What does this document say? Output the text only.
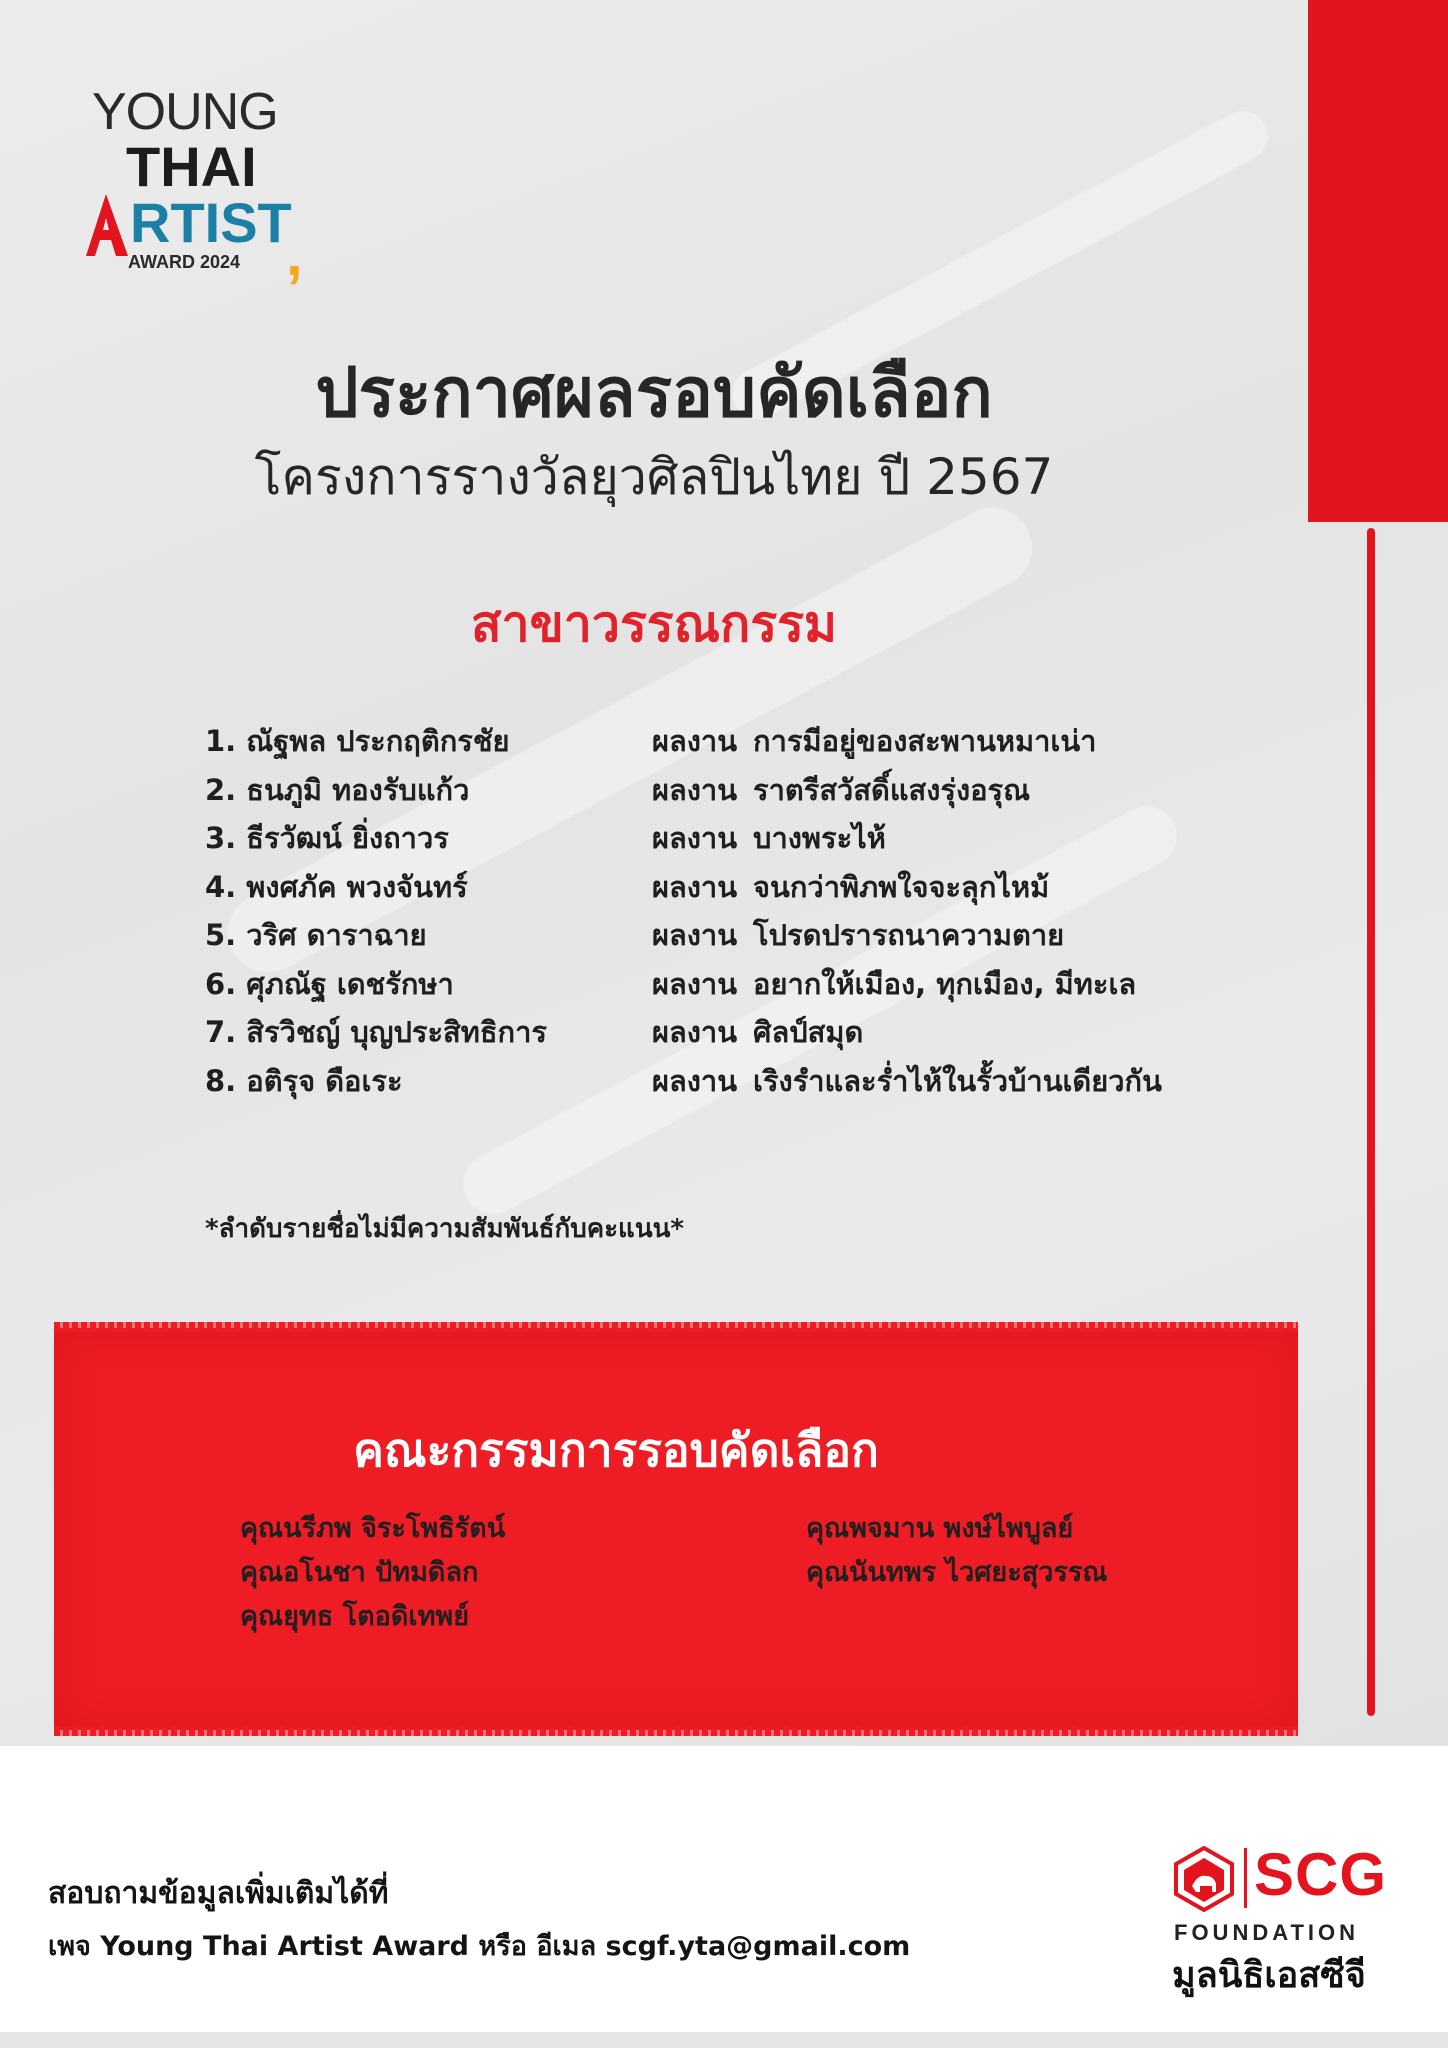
YOUNG
THAI
RTIST
,
AWARD 2024
ประกาศผลรอบคัดเลือก
โครงการรางวัลยุวศิลปินไทย ปี 2567
สาขาวรรณกรรม
1. ณัฐพล ประกฤติกรชัย	ผลงาน การมีอยู่ของสะพานหมาเน่า
2. ธนภูมิ ทองรับแก้ว	ผลงาน ราตรีสวัสดิ์แสงรุ่งอรุณ
3. ธีรวัฒน์ ยิ่งถาวร	ผลงาน บางพระไห้
4. พงศภัค พวงจันทร์	ผลงาน จนกว่าพิภพใจจะลุกไหม้
5. วริศ ดาราฉาย	ผลงาน โปรดปรารถนาความตาย
6. ศุภณัฐ เดชรักษา	ผลงาน อยากให้เมือง, ทุกเมือง, มีทะเล
7. สิรวิชญ์ บุญประสิทธิการ	ผลงาน ศิลป์สมุด
8. อติรุจ ดือเระ	ผลงาน เริงรำและร่ำไห้ในรั้วบ้านเดียวกัน
*ลำดับรายชื่อไม่มีความสัมพันธ์กับคะแนน*
คณะกรรมการรอบคัดเลือก
คุณนรีภพ จิระโพธิรัตน์
คุณอโนชา ปัทมดิลก
คุณยุทธ โตอดิเทพย์
คุณพจมาน พงษ์ไพบูลย์
คุณนันทพร ไวศยะสุวรรณ
สอบถามข้อมูลเพิ่มเติมได้ที่
เพจ Young Thai Artist Award หรือ อีเมล scgf.yta@gmail.com
SCG
FOUNDATION
มูลนิธิเอสซีจี
